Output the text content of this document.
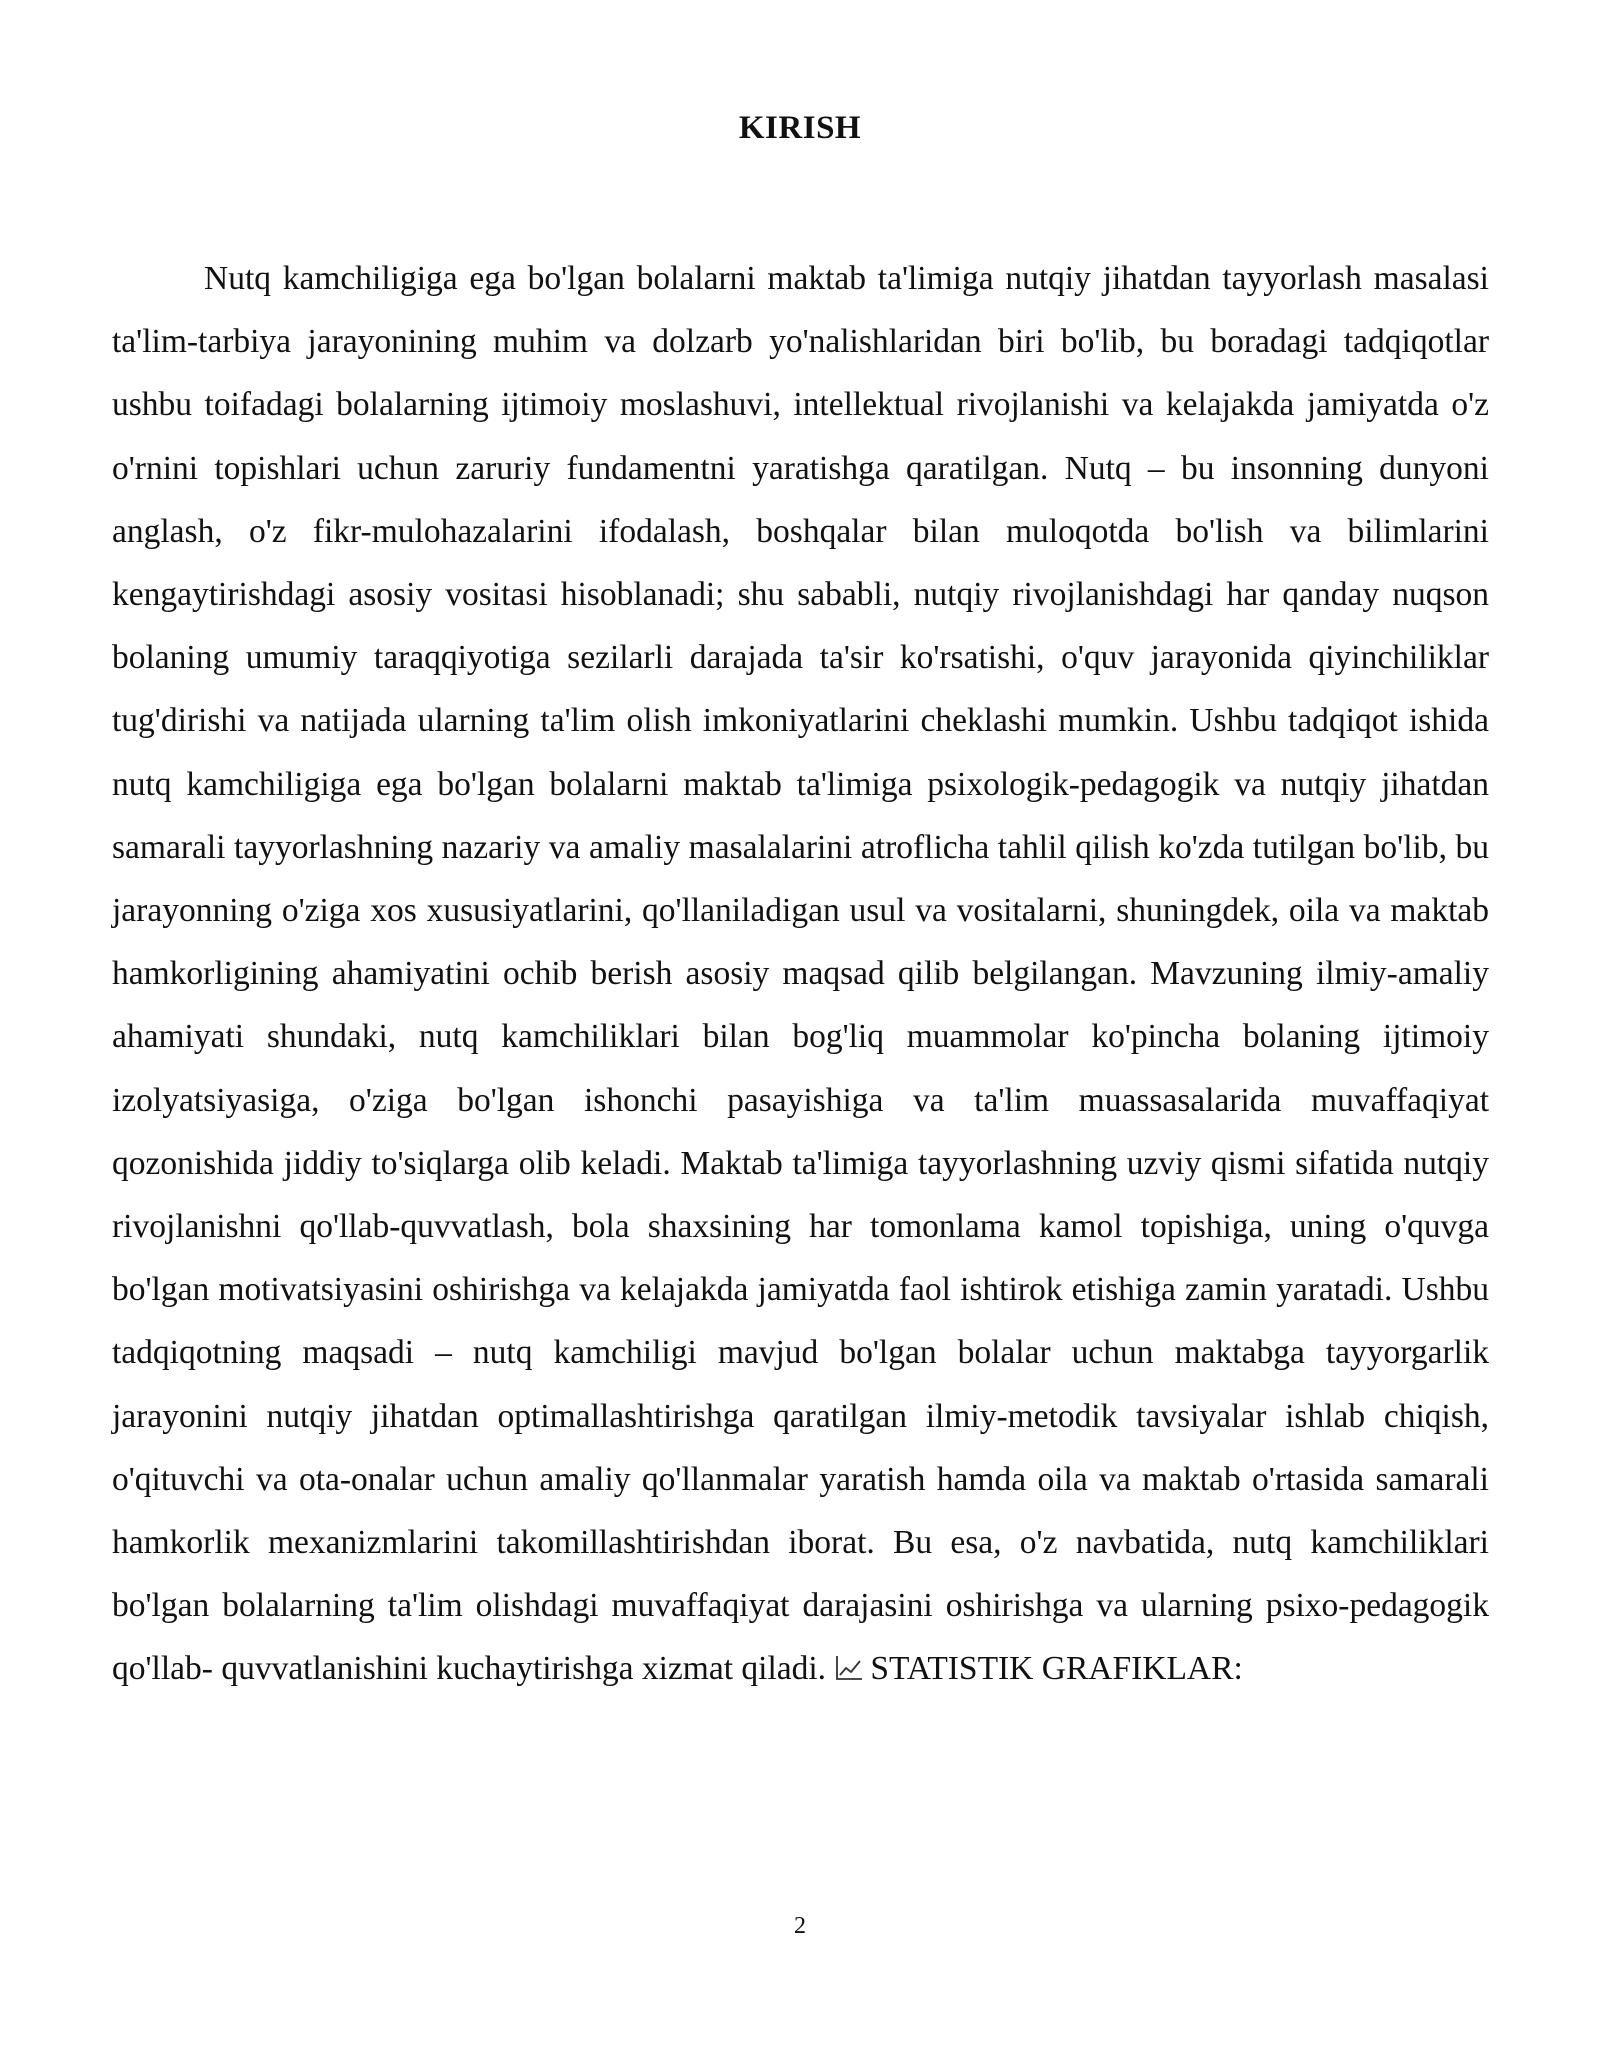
KIRISH

Nutq kamchiligiga ega bo'lgan bolalarni maktab ta'limiga nutqiy jihatdan tayyorlash masalasi ta'lim-tarbiya jarayonining muhim va dolzarb yo'nalishlaridan biri bo'lib, bu boradagi tadqiqotlar ushbu toifadagi bolalarning ijtimoiy moslashuvi, intellektual rivojlanishi va kelajakda jamiyatda o'z o'rnini topishlari uchun zaruriy fundamentni yaratishga qaratilgan. Nutq – bu insonning dunyoni anglash, o'z fikr-mulohazalarini ifodalash, boshqalar bilan muloqotda bo'lish va bilimlarini kengaytirishdagi asosiy vositasi hisoblanadi; shu sababli, nutqiy rivojlanishdagi har qanday nuqson bolaning umumiy taraqqiyotiga sezilarli darajada ta'sir ko'rsatishi, o'quv jarayonida qiyinchiliklar tug'dirishi va natijada ularning ta'lim olish imkoniyatlarini cheklashi mumkin. Ushbu tadqiqot ishida nutq kamchiligiga ega bo'lgan bolalarni maktab ta'limiga psixologik-pedagogik va nutqiy jihatdan samarali tayyorlashning nazariy va amaliy masalalarini atroflicha tahlil qilish ko'zda tutilgan bo'lib, bu jarayonning o'ziga xos xususiyatlarini, qo'llaniladigan usul va vositalarni, shuningdek, oila va maktab hamkorligining ahamiyatini ochib berish asosiy maqsad qilib belgilangan. Mavzuning ilmiy-amaliy ahamiyati shundaki, nutq kamchiliklari bilan bog'liq muammolar ko'pincha bolaning ijtimoiy izolyatsiyasiga, o'ziga bo'lgan ishonchi pasayishiga va ta'lim muassasalarida muvaffaqiyat qozonishida jiddiy to'siqlarga olib keladi. Maktab ta'limiga tayyorlashning uzviy qismi sifatida nutqiy rivojlanishni qo'llab-quvvatlash, bola shaxsining har tomonlama kamol topishiga, uning o'quvga bo'lgan motivatsiyasini oshirishga va kelajakda jamiyatda faol ishtirok etishiga zamin yaratadi. Ushbu tadqiqotning maqsadi – nutq kamchiligi mavjud bo'lgan bolalar uchun maktabga tayyorgarlik jarayonini nutqiy jihatdan optimallashtirishga qaratilgan ilmiy-metodik tavsiyalar ishlab chiqish, o'qituvchi va ota-onalar uchun amaliy qo'llanmalar yaratish hamda oila va maktab o'rtasida samarali hamkorlik mexanizmlarini takomillashtirishdan iborat. Bu esa, o'z navbatida, nutq kamchiliklari bo'lgan bolalarning ta'lim olishdagi muvaffaqiyat darajasini oshirishga va ularning psixo-pedagogik qo'llab- quvvatlanishini kuchaytirishga xizmat qiladi. STATISTIK GRAFIKLAR:

2
